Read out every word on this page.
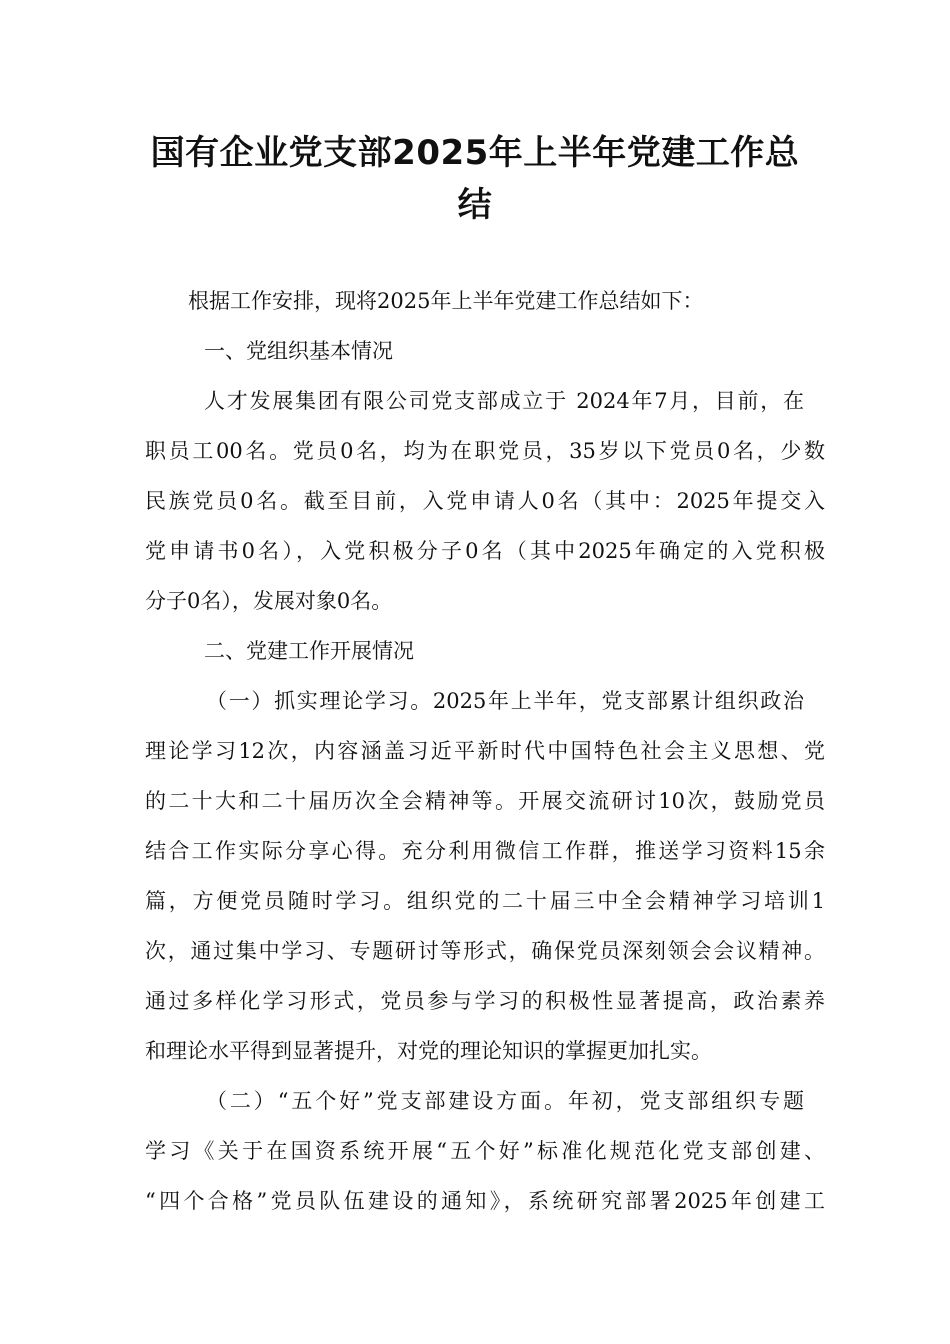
国有企业党支部2025年上半年党建工作总
结
根据工作安排，现将2025年上半年党建工作总结如下：
一、党组织基本情况
人才发展集团有限公司党支部成立于 2024年7月，目前，在
职员工00名。党员0名，均为在职党员，35岁以下党员0名，少数
民族党员0名。截至目前，入党申请人0名（其中：2025年提交入
党申请书0名），入党积极分子0名（其中2025年确定的入党积极
分子0名），发展对象0名。
二、党建工作开展情况
（一）抓实理论学习。2025年上半年，党支部累计组织政治
理论学习12次，内容涵盖习近平新时代中国特色社会主义思想、党
的二十大和二十届历次全会精神等。开展交流研讨10次，鼓励党员
结合工作实际分享心得。充分利用微信工作群，推送学习资料15余
篇，方便党员随时学习。组织党的二十届三中全会精神学习培训1
次，通过集中学习、专题研讨等形式，确保党员深刻领会会议精神。
通过多样化学习形式，党员参与学习的积极性显著提高，政治素养
和理论水平得到显著提升，对党的理论知识的掌握更加扎实。
（二）“五个好”党支部建设方面。年初，党支部组织专题
学习《关于在国资系统开展“五个好”标准化规范化党支部创建、
“四个合格”党员队伍建设的通知》，系统研究部署2025年创建工
